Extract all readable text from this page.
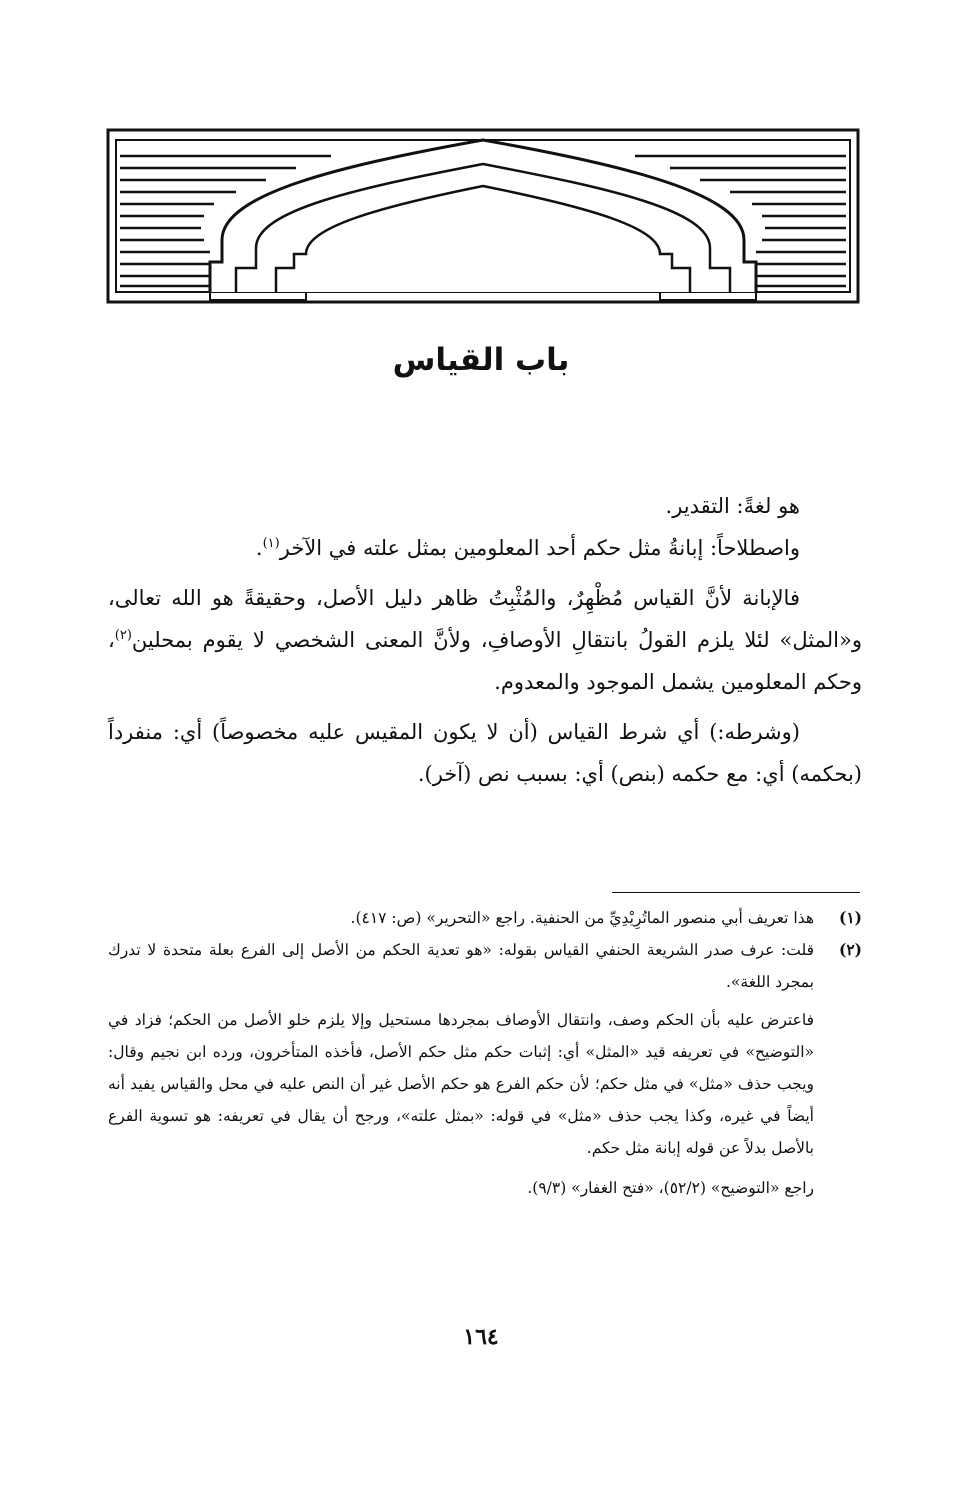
باب القياس

هو لغةً: التقدير.

واصطلاحاً: إبانةُ مثل حكم أحد المعلومين بمثل علته في الآخر$^{(١)}$.

فالإبانة لأنَّ القياس مُظْهِرٌ، والمُثْبِتُ ظاهر دليل الأصل، وحقيقةً هو الله تعالى، و«المثل» لئلا يلزم القولُ بانتقالِ الأوصافِ، ولأنَّ المعنى الشخصي لا يقوم بمحلين$^{(٢)}$، وحكم المعلومين يشمل الموجود والمعدوم.

(وشرطه:) أي شرط القياس (أن لا يكون المقيس عليه مخصوصاً) أي: منفرداً (بحكمه) أي: مع حكمه (بنص) أي: بسبب نص (آخر).

(١)
هذا تعريف أبي منصور الماتُرِيْدِيِّ من الحنفية. راجع «التحرير» (ص: ٤١٧).
(٢)
قلت: عرف صدر الشريعة الحنفي القياس بقوله: «هو تعدية الحكم من الأصل إلى الفرع بعلة متحدة لا تدرك بمجرد اللغة».
فاعترض عليه بأن الحكم وصف، وانتقال الأوصاف بمجردها مستحيل وإلا يلزم خلو الأصل من الحكم؛ فزاد في «التوضيح» في تعريفه قيد «المثل» أي: إثبات حكم مثل حكم الأصل، فأخذه المتأخرون، ورده ابن نجيم وقال: ويجب حذف «مثل» في مثل حكم؛ لأن حكم الفرع هو حكم الأصل غير أن النص عليه في محل والقياس يفيد أنه أيضاً في غيره، وكذا يجب حذف «مثل» في قوله: «بمثل علته»، ورجح أن يقال في تعريفه: هو تسوية الفرع بالأصل بدلاً عن قوله إبانة مثل حكم.
راجع «التوضيح» (٥٢/٢)، «فتح الغفار» (٩/٣).
١٦٤
